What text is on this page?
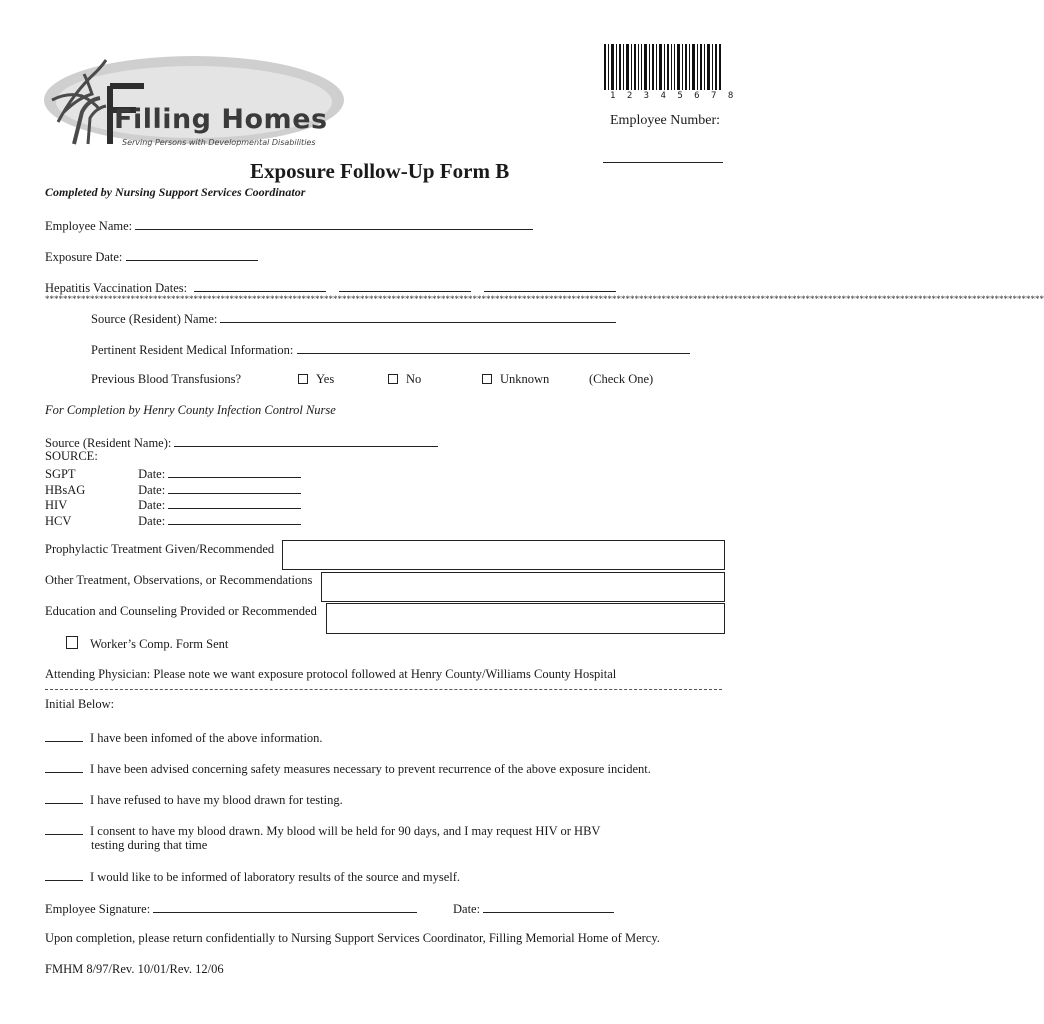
Filling Homes
Serving Persons with Developmental Disabilities
1 2 3 4 5 6 7 8
Employee Number:
Exposure Follow-Up Form B
Completed by Nursing Support Services Coordinator
Employee Name:
Exposure Date:
Hepatitis Vaccination Dates:
******************************************************************************************************************************************************************************************************************************
Source (Resident) Name:
Pertinent Resident Medical Information:
Previous Blood Transfusions?	Yes	No	Unknown	(Check One)
For Completion by Henry County Infection Control Nurse
Source (Resident Name):
SOURCE:
SGPT	Date:
HBsAG	Date:
HIV	Date:
HCV	Date:
Prophylactic Treatment Given/Recommended
Other Treatment, Observations, or Recommendations
Education and Counseling Provided or Recommended
Worker’s Comp. Form Sent
Attending Physician: Please note we want exposure protocol followed at Henry County/Williams County Hospital
Initial Below:
I have been infomed of the above information.
I have been advised concerning safety measures necessary to prevent recurrence of the above exposure incident.
I have refused to have my blood drawn for testing.
I consent to have my blood drawn. My blood will be held for 90 days, and I may request HIV or HBV
testing during that time
I would like to be informed of laboratory results of the source and myself.
Employee Signature:	Date:
Upon completion, please return confidentially to Nursing Support Services Coordinator, Filling Memorial Home of Mercy.
FMHM 8/97/Rev. 10/01/Rev. 12/06
